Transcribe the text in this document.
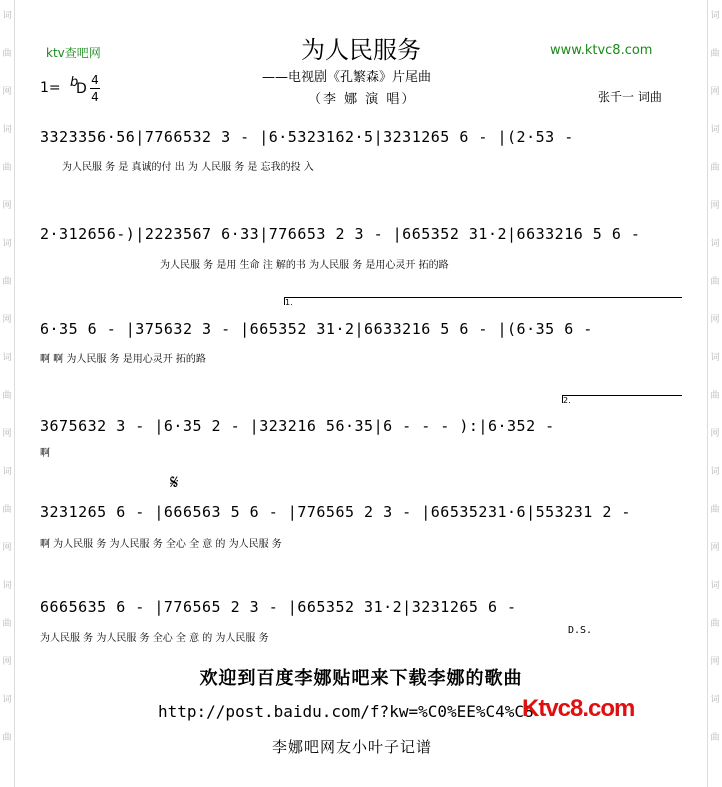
词
曲
网
词
曲
网
词
曲
网
词
曲
网
词
曲
网
词
曲
网
词
曲
词
曲
网
词
曲
网
词
曲
网
词
曲
网
词
曲
网
词
曲
网
词
曲
ktv查吧网	www.ktvc8.com
为人民服务
——电视剧《孔繁森》片尾曲
（李 娜 演 唱）	张千一 词曲
1= b
D
4
4
3323356·56|7766532 3 - |6·5323162·5|3231265 6 - |(2·53 -
为人民服 务 是 真诚的付 出 为 人民服 务 是 忘我的投 入
2·312656-)|2223567 6·33|776653 2 3 - |665352 31·2|6633216 5 6 -
为人民服 务 是用 生命 注 解的书 为人民服 务 是用心灵开 拓的路
1.
6·35 6 - |375632 3 - |665352 31·2|6633216 5 6 - |(6·35 6 -
啊 啊 为人民服 务 是用心灵开 拓的路
2.
3675632 3 - |6·35 2 - |323216 56·35|6 - - - ):|6·352 -
啊
𝄋
3231265 6 - |666563 5 6 - |776565 2 3 - |66535231·6|553231 2 -
啊 为人民服 务 为人民服 务 全心 全 意 的 为人民服 务
6665635 6 - |776565 2 3 - |665352 31·2|3231265 6 -
为人民服 务 为人民服 务 全心 全 意 的 为人民服 务
D.S.
欢迎到百度李娜贴吧来下载李娜的歌曲
http://post.baidu.com/f?kw=%C0%EE%C4%C8
李娜吧网友小叶子记谱
Ktvc8.com
